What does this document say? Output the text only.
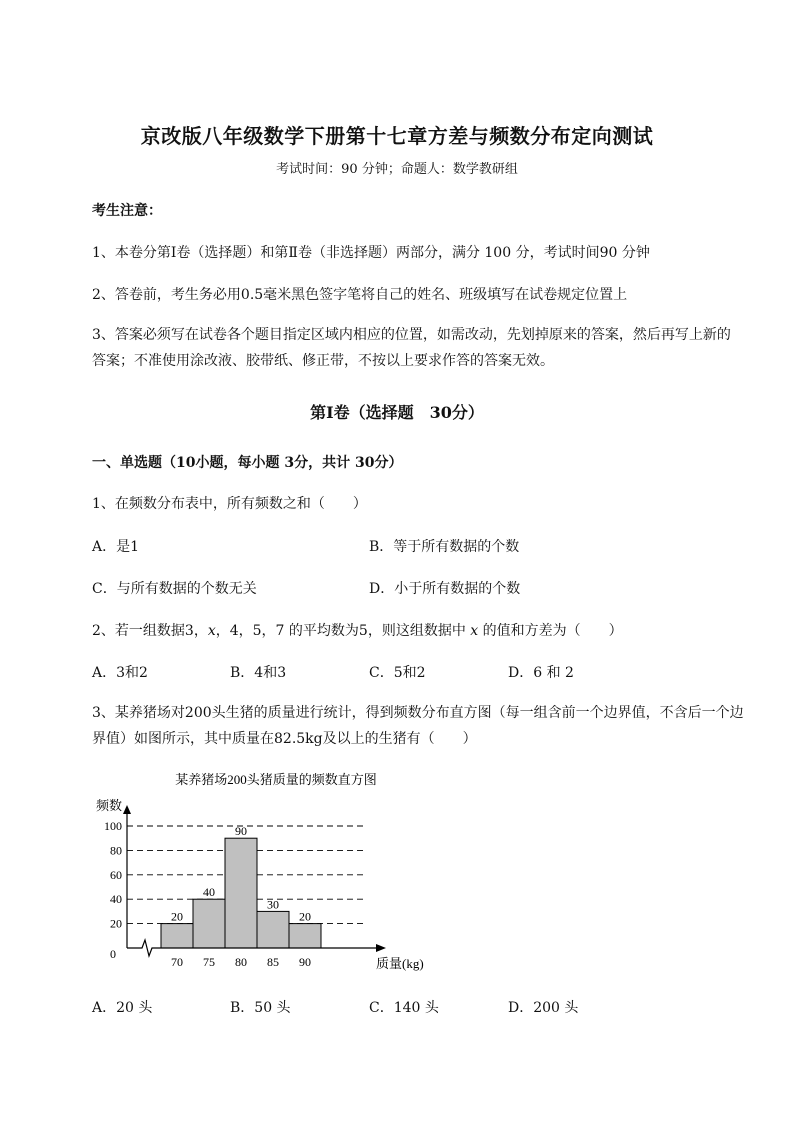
京改版八年级数学下册第十七章方差与频数分布定向测试
考试时间：90 分钟；命题人：数学教研组
考生注意：
1、本卷分第Ⅰ卷（选择题）和第Ⅱ卷（非选择题）两部分，满分 100 分，考试时间90 分钟
2、答卷前，考生务必用0.5毫米黑色签字笔将自己的姓名、班级填写在试卷规定位置上
3、答案必须写在试卷各个题目指定区域内相应的位置，如需改动，先划掉原来的答案，然后再写上新的答案；不准使用涂改液、胶带纸、修正带，不按以上要求作答的答案无效。
第Ⅰ卷（选择题　30分）
一、单选题（10小题，每小题 3分，共计 30分）
1、在频数分布表中，所有频数之和（　　）
A．是1	B．等于所有数据的个数
C．与所有数据的个数无关	D．小于所有数据的个数
2、若一组数据3，x，4，5，7 的平均数为5，则这组数据中 x 的值和方差为（　　）
A．3和2	B．4和3	C．5和2	D．6 和 2
3、某养猪场对200头生猪的质量进行统计，得到频数分布直方图（每一组含前一个边界值，不含后一个边界值）如图所示，其中质量在82.5kg及以上的生猪有（　　）
某养猪场200头猪质量的频数直方图
频数
质量(kg)
0
20
40
60
80
100
20
70
40
75
90
80
30
85
20
90
A．20 头	B．50 头	C．140 头	D．200 头
